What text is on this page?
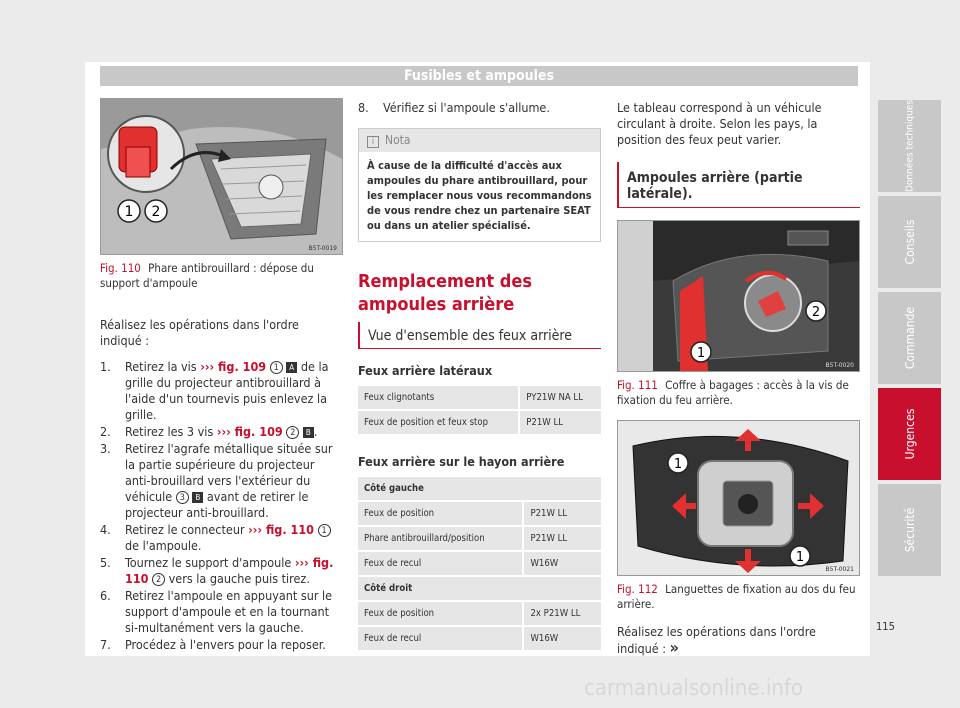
Fusibles et ampoules
1 2
B5T-0019
Fig. 110 Phare antibrouillard : dépose du support d'ampoule

Réalisez les opérations dans l'ordre indiqué :

1. Retirez la vis ››› fig. 109 1 A de la grille du projecteur antibrouillard à l'aide d'un tournevis puis enlevez la grille.
2. Retirez les 3 vis ››› fig. 109 2 B .
3. Retirez l'agrafe métallique située sur la partie supérieure du projecteur anti-brouillard vers l'extérieur du véhicule 3 B avant de retirer le projecteur anti-brouillard.
4. Retirez le connecteur ››› fig. 110 1 de l'ampoule.
5. Tournez le support d'ampoule ››› fig. 110 2 vers la gauche puis tirez.
6. Retirez l'ampoule en appuyant sur le support d'ampoule et en la tournant si-multanément vers la gauche.
7. Procédez à l'envers pour la reposer.
8. Vérifiez si l'ampoule s'allume.
i Nota
À cause de la difficulté d'accès aux ampoules du phare antibrouillard, pour les remplacer nous vous recommandons de vous rendre chez un partenaire SEAT ou dans un atelier spécialisé.
Remplacement des ampoules arrière
Vue d'ensemble des feux arrière
Feux arrière latéraux
Feux clignotants	PY21W NA LL
Feux de position et feux stop	P21W LL
Feux arrière sur le hayon arrière
Côté gauche	
Feux de position	P21W LL
Phare antibrouillard/position	P21W LL
Feux de recul	W16W
Côté droit	
Feux de position	2x P21W LL
Feux de recul	W16W

Le tableau correspond à un véhicule circulant à droite. Selon les pays, la position des feux peut varier.

Ampoules arrière (partie latérale).
1
2
B5T-0020
Fig. 111 Coffre à bagages : accès à la vis de fixation du feu arrière.
1
1
B5T-0021
Fig. 112 Languettes de fixation au dos du feu arrière.

Réalisez les opérations dans l'ordre indiqué : »

Données techniques
Conseils
Commande
Urgences
Sécurité
115
carmanualsonline.info
